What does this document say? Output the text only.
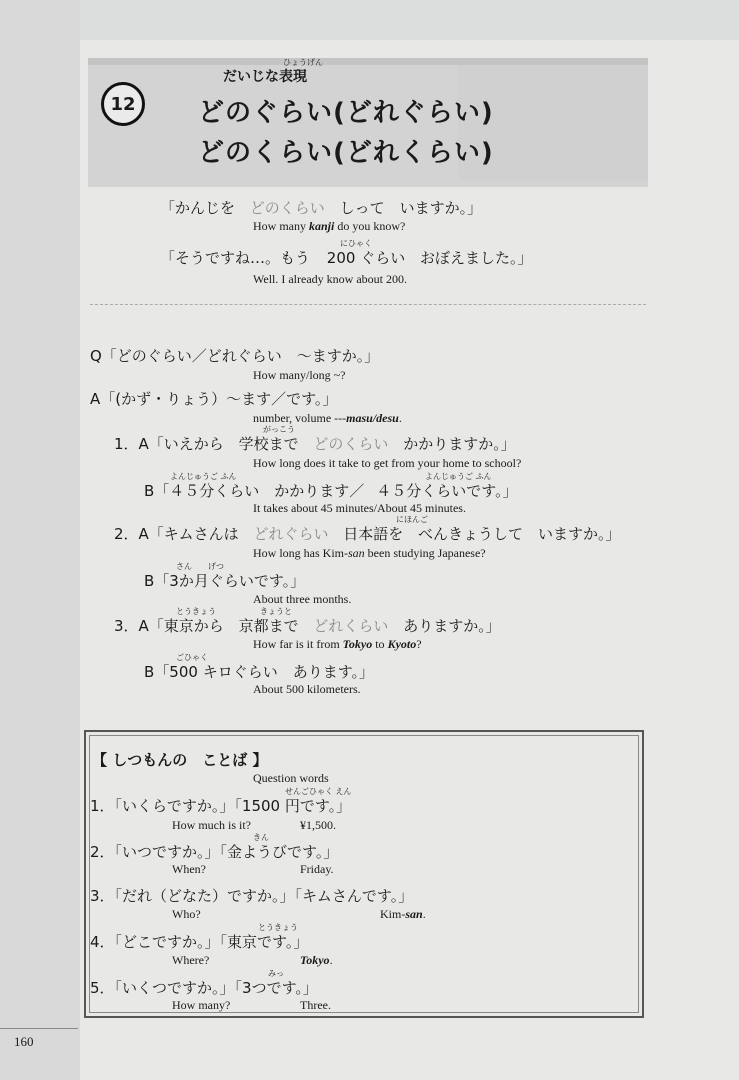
160
12
ひょうげん
だいじな表現
どのぐらい(どれぐらい)
どのくらい(どれくらい)
「かんじを どのくらい しって　いますか。」
How many kanji do you know?
にひゃく
「そうですね…。もう 200 ぐらい おぼえました。」
Well. I already know about 200.
Q「どのぐらい／どれぐらい　～ますか。」
How many/long ~?
A「(かず・りょう）～ます／です。」
number, volume ---masu/desu.
がっこう
1．A「いえから 学校まで どのくらい かかりますか。」
How long does it take to get from your home to school?
よんじゅうご ふん	よんじゅうご ふん
B「４５分くらい　かかります／ ４５分くらいです。」
It takes about 45 minutes/About 45 minutes.
にほんご
2．A「キムさんは どれぐらい 日本語を べんきょうして　いますか。」
How long has Kim-san been studying Japanese?
さん　　げつ
B「3か月ぐらいです。」
About three months.
とうきょう	きょうと
3．A「東京から 京都まで どれくらい ありますか。」
How far is it from Tokyo to Kyoto?
ごひゃく
B「500 キロぐらい　あります。」
About 500 kilometers.
【 しつもんの　ことば 】
Question words
せんごひゃく えん
1．「いくらですか。」「1500 円です。」
How much is it?	¥1,500.
きん
2．「いつですか。」「金ようびです。」
When?	Friday.
3．「だれ（どなた）ですか。」「キムさんです。」
Who?	Kim-san.
とうきょう
4．「どこですか。」「東京です。」
Where?	Tokyo.
みっ
5．「いくつですか。」「3つです。」
How many?	Three.
